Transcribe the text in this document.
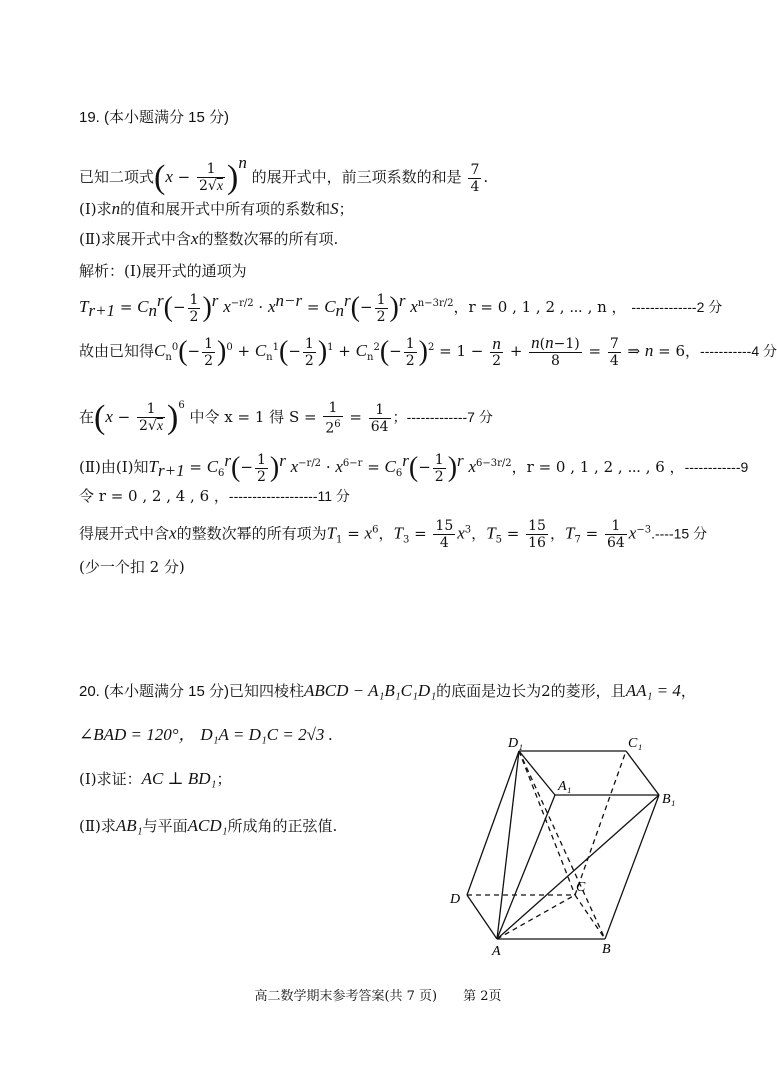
19. (本小题满分 15 分)
已知二项式$(x - \frac{1}{2√x} )^n$ 的展开式中，前三项系数的和是 $\frac{7}{4}$ .
(Ⅰ)求n的值和展开式中所有项的系数和S；
(Ⅱ)求展开式中含x的整数次幂的所有项.
解析：(Ⅰ)展开式的通项为
$T_{r+1} = C_n^r(- \frac{1}{2} )^r$ $x^{-r/2} \cdot x^{n-r} = C_n^r(- \frac{1}{2} )^r$ $x^{n-3r/2}$，r = 0 , 1 , 2 , ⋯ , n ， --------------2 分
故由已知得$C_n^0(- \frac{1}{2} )^0 + C_n^1(- \frac{1}{2} )^1 + C_n^2(- \frac{1}{2} )^2 = 1 - \frac{n}{2} + \frac{n(n-1)}{8} = \frac{7}{4}$ ⇒ n = 6，-----------4 分
在$(x - \frac{1}{2√x} )^6$ 中令 x = 1 得 $S = \frac{1}{2^6} = \frac{1}{64}$ ；-------------7 分
(Ⅱ)由(Ⅰ)知$T_{r+1} = C_6^r(- \frac{1}{2} )^r$ $x^{-r/2} \cdot x^{6-r} = C_6^r(- \frac{1}{2} )^r$ $x^{6-3r/2}$，r = 0 , 1 , 2 , ⋯ , 6 ，------------9
令 r = 0 , 2 , 4 , 6 ，-------------------11 分
得展开式中含x的整数次幂的所有项为$T_1 = x^6$，$T_3 = \frac{15}{4} x^3$，$T_5 = \frac{15}{16}$ ，$T_7 = \frac{1}{64} x^{-3}.----15$ 分
(少一个扣 2 分)
20. (本小题满分 15 分)已知四棱柱ABCD − A₁B₁C₁D₁的底面是边长为2的菱形，且AA₁ = 4，
∠BAD = 120°， D₁A = D₁C = 2√3 .
(Ⅰ)求证：AC ⊥ BD₁；
(Ⅱ)求AB₁与平面ACD₁所成角的正弦值.
D₁	C₁
A₁
B₁
C
D
A	B
高二数学期末参考答案(共 7 页)　　第 2页
